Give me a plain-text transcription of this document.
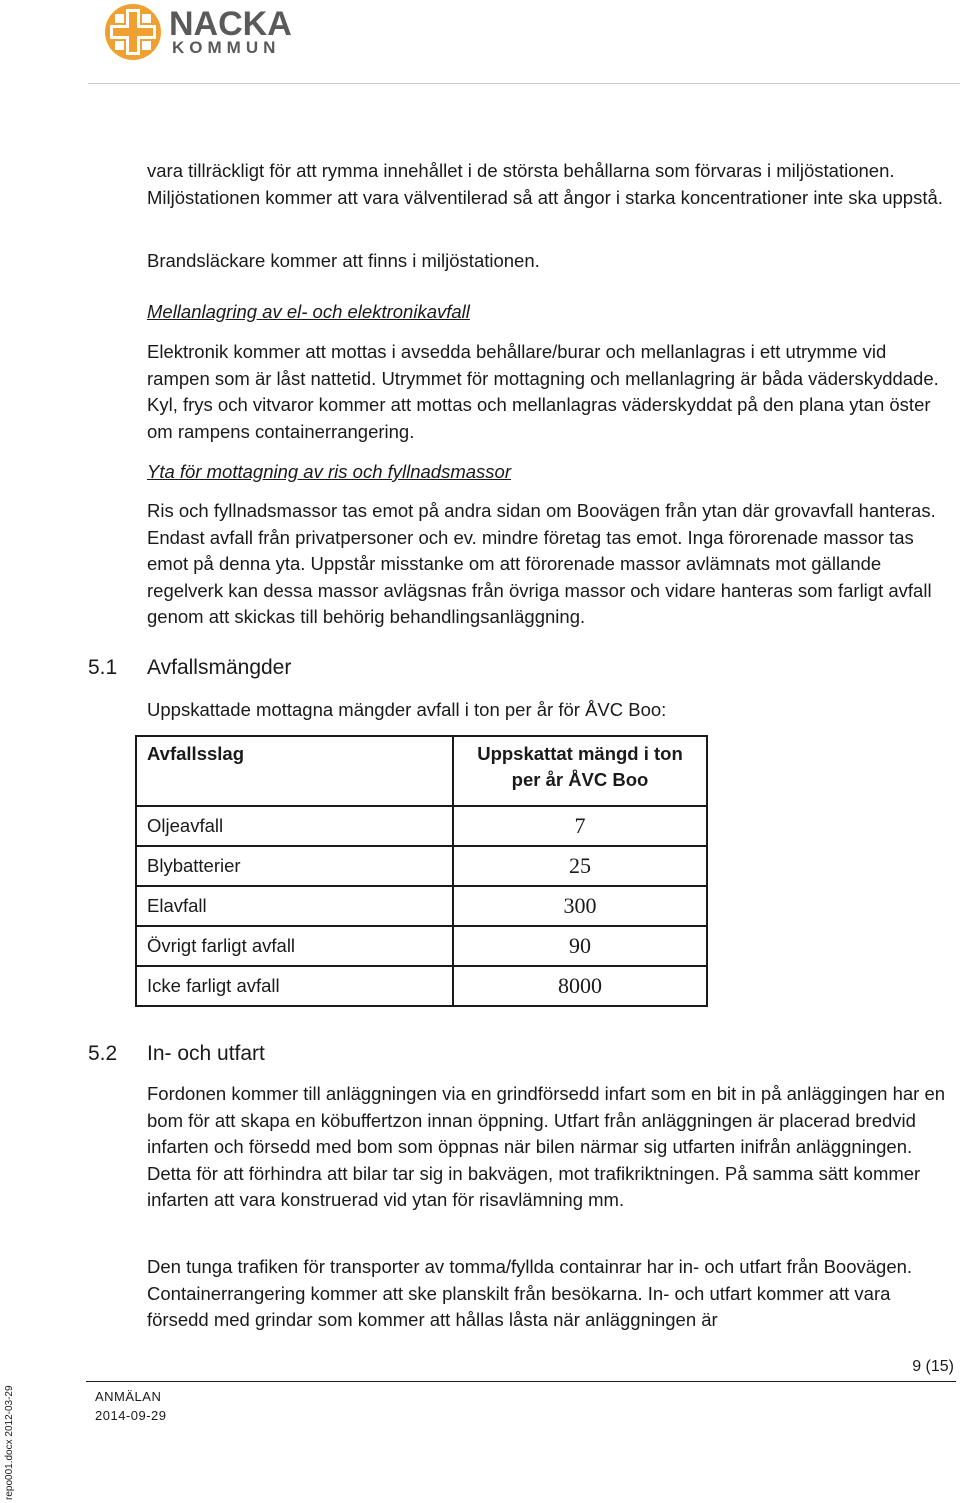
NACKA
KOMMUN

vara tillräckligt för att rymma innehållet i de största behållarna som förvaras i miljöstationen. Miljöstationen kommer att vara välventilerad så att ångor i starka koncentrationer inte ska uppstå.

Brandsläckare kommer att finns i miljöstationen.

Mellanlagring av el- och elektronikavfall

Elektronik kommer att mottas i avsedda behållare/burar och mellanlagras i ett utrymme vid rampen som är låst nattetid. Utrymmet för mottagning och mellanlagring är båda väderskyddade. Kyl, frys och vitvaror kommer att mottas och mellanlagras väderskyddat på den plana ytan öster om rampens containerrangering.

Yta för mottagning av ris och fyllnadsmassor

Ris och fyllnadsmassor tas emot på andra sidan om Boovägen från ytan där grovavfall hanteras. Endast avfall från privatpersoner och ev. mindre företag tas emot. Inga förorenade massor tas emot på denna yta. Uppstår misstanke om att förorenade massor avlämnats mot gällande regelverk kan dessa massor avlägsnas från övriga massor och vidare hanteras som farligt avfall genom att skickas till behörig behandlingsanläggning.

5.1 Avfallsmängder

Uppskattade mottagna mängder avfall i ton per år för ÅVC Boo:

Avfallsslag	Uppskattat mängd i ton per år ÅVC Boo
Oljeavfall	7
Blybatterier	25
Elavfall	300
Övrigt farligt avfall	90
Icke farligt avfall	8000
5.2 In- och utfart

Fordonen kommer till anläggningen via en grindförsedd infart som en bit in på anläggingen har en bom för att skapa en köbuffertzon innan öppning. Utfart från anläggningen är placerad bredvid infarten och försedd med bom som öppnas när bilen närmar sig utfarten inifrån anläggningen. Detta för att förhindra att bilar tar sig in bakvägen, mot trafikriktningen. På samma sätt kommer infarten att vara konstruerad vid ytan för risavlämning mm.

Den tunga trafiken för transporter av tomma/fyllda containrar har in- och utfart från Boovägen. Containerrangering kommer att ske planskilt från besökarna. In- och utfart kommer att vara försedd med grindar som kommer att hållas låsta när anläggningen är

9 (15)
ANMÄLAN
2014-09-29
repo001.docx 2012-03-29
